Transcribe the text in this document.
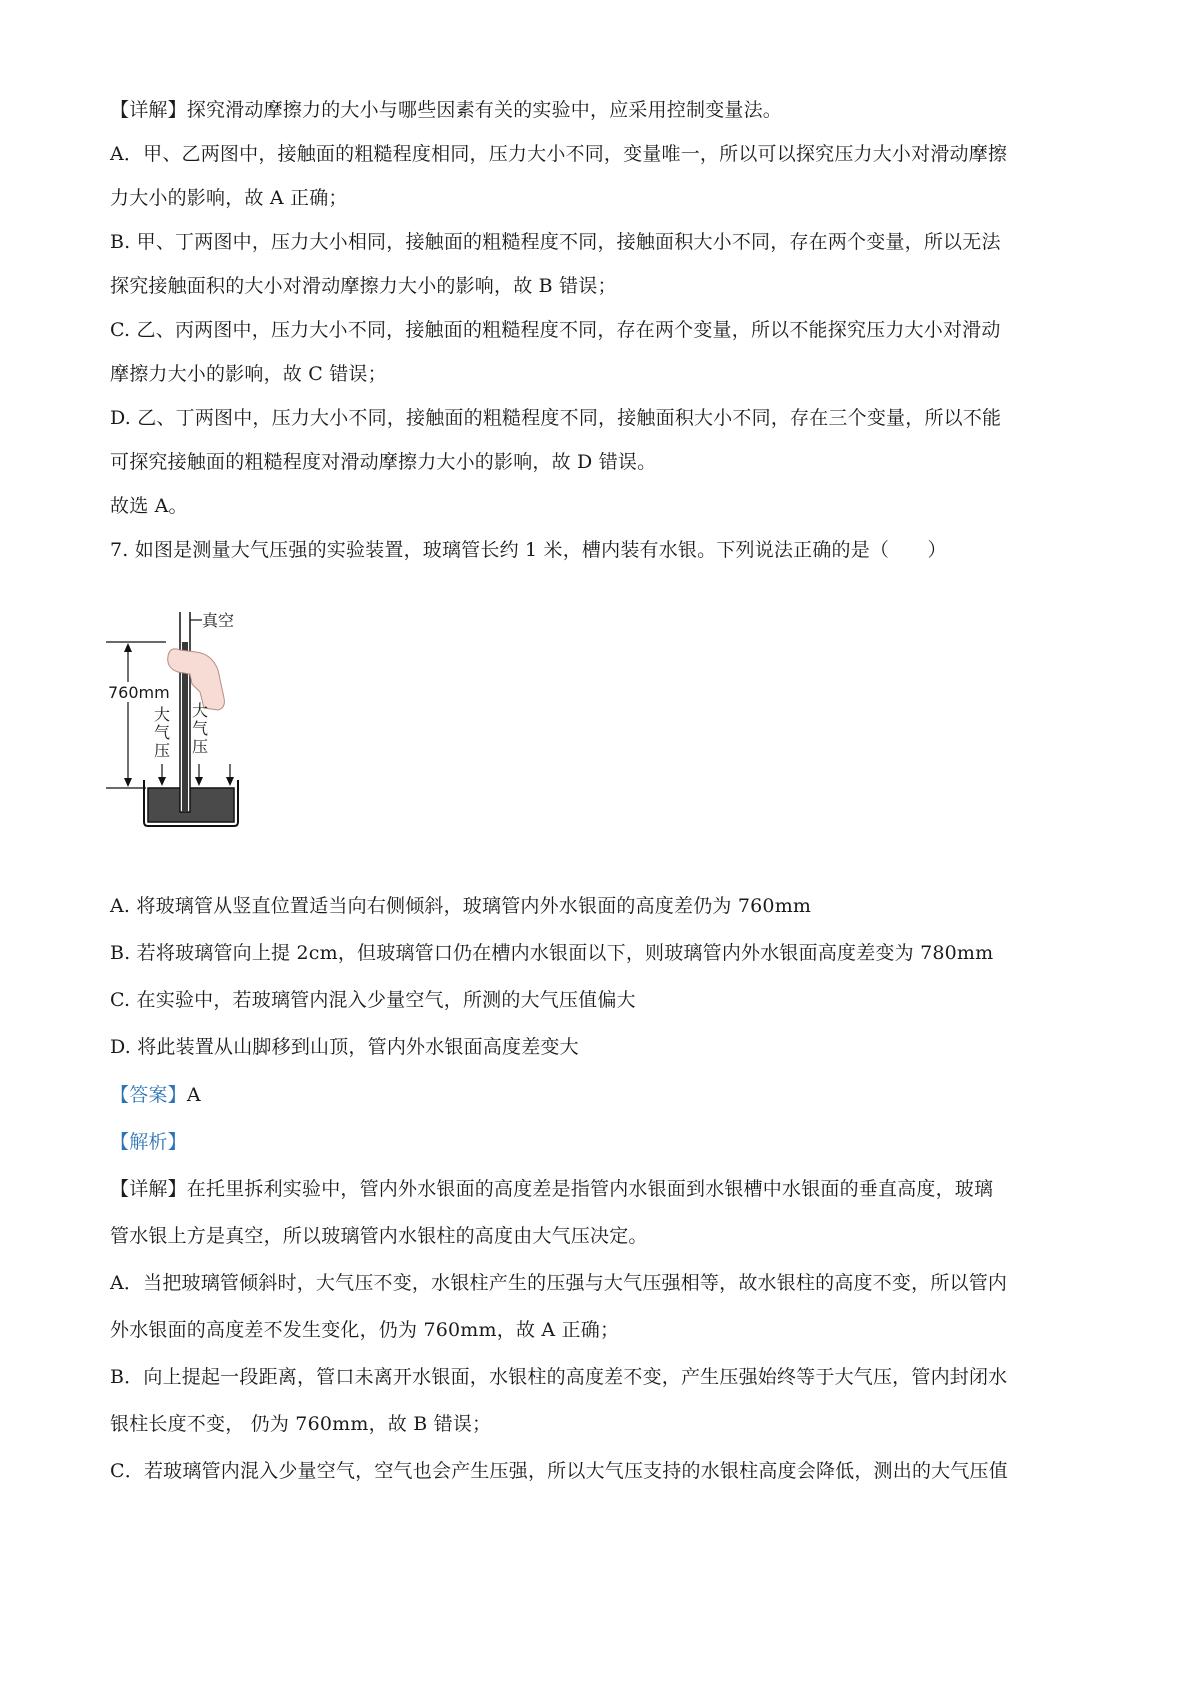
【详解】探究滑动摩擦力的大小与哪些因素有关的实验中，应采用控制变量法。

A．甲、乙两图中，接触面的粗糙程度相同，压力大小不同，变量唯一，所以可以探究压力大小对滑动摩擦

力大小的影响，故 A 正确；

B. 甲、丁两图中，压力大小相同，接触面的粗糙程度不同，接触面积大小不同，存在两个变量，所以无法

探究接触面积的大小对滑动摩擦力大小的影响，故 B 错误；

C. 乙、丙两图中，压力大小不同，接触面的粗糙程度不同，存在两个变量，所以不能探究压力大小对滑动

摩擦力大小的影响，故 C 错误；

D. 乙、丁两图中，压力大小不同，接触面的粗糙程度不同，接触面积大小不同，存在三个变量，所以不能

可探究接触面的粗糙程度对滑动摩擦力大小的影响，故 D 错误。

故选 A。

7. 如图是测量大气压强的实验装置，玻璃管长约 1 米，槽内装有水银。下列说法正确的是（　　）

真空
760mm
大
气
压
大
气
压

A. 将玻璃管从竖直位置适当向右侧倾斜，玻璃管内外水银面的高度差仍为 760mm

B. 若将玻璃管向上提 2cm，但玻璃管口仍在槽内水银面以下，则玻璃管内外水银面高度差变为 780mm

C. 在实验中，若玻璃管内混入少量空气，所测的大气压值偏大

D. 将此装置从山脚移到山顶，管内外水银面高度差变大

【答案】A

【解析】

【详解】在托里拆利实验中，管内外水银面的高度差是指管内水银面到水银槽中水银面的垂直高度，玻璃

管水银上方是真空，所以玻璃管内水银柱的高度由大气压决定。

A．当把玻璃管倾斜时，大气压不变，水银柱产生的压强与大气压强相等，故水银柱的高度不变，所以管内

外水银面的高度差不发生变化，仍为 760mm，故 A 正确；

B．向上提起一段距离，管口未离开水银面，水银柱的高度差不变，产生压强始终等于大气压，管内封闭水

银柱长度不变， 仍为 760mm，故 B 错误；

C．若玻璃管内混入少量空气，空气也会产生压强，所以大气压支持的水银柱高度会降低，测出的大气压值
